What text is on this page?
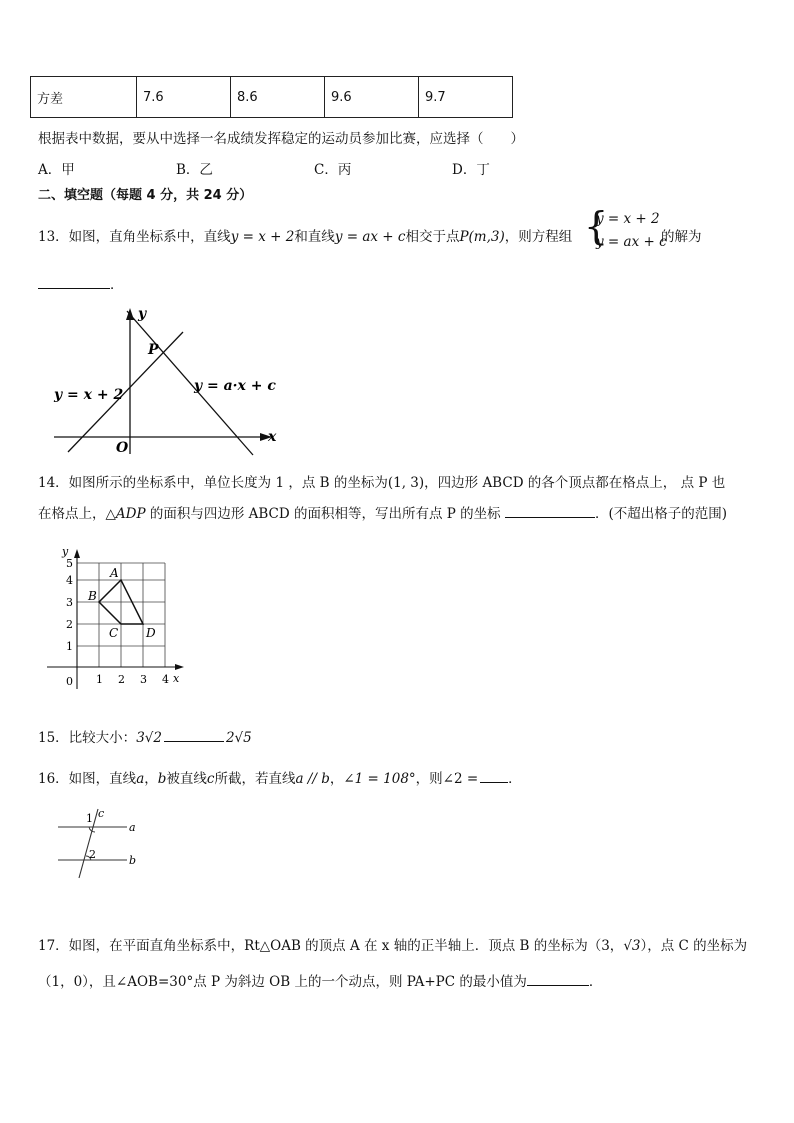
方差	7.6	8.6	9.6	9.7
根据表中数据，要从中选择一名成绩发挥稳定的运动员参加比赛，应选择（　　）
A．甲	B．乙	C．丙	D．丁
二、填空题（每题 4 分，共 24 分）
13．如图，直角坐标系中，直线y = x + 2和直线y = ax + c相交于点P(m,3)，则方程组 {
y = x + 2
y = ax + c
的解为
．
y
x
O
P
y = x + 2
y = a·x + c
14．如图所示的坐标系中，单位长度为 1 ，点 B 的坐标为(1, 3)，四边形 ABCD 的各个顶点都在格点上， 点 P 也
在格点上，△ADP 的面积与四边形 ABCD 的面积相等，写出所有点 P 的坐标	．(不超出格子的范围)
y
x
0 1 2 3 4
1
2
3
4
5
A
B
C D
15．比较大小：3√2	2√5
16．如图，直线a，b被直线c所截，若直线a // b，∠1 = 108°，则∠2 = ．
c
a
b
1
2
17．如图，在平面直角坐标系中，Rt△OAB 的顶点 A 在 x 轴的正半轴上．顶点 B 的坐标为（3，√3），点 C 的坐标为
（1，0），且∠AOB=30°点 P 为斜边 OB 上的一个动点，则 PA+PC 的最小值为	．
